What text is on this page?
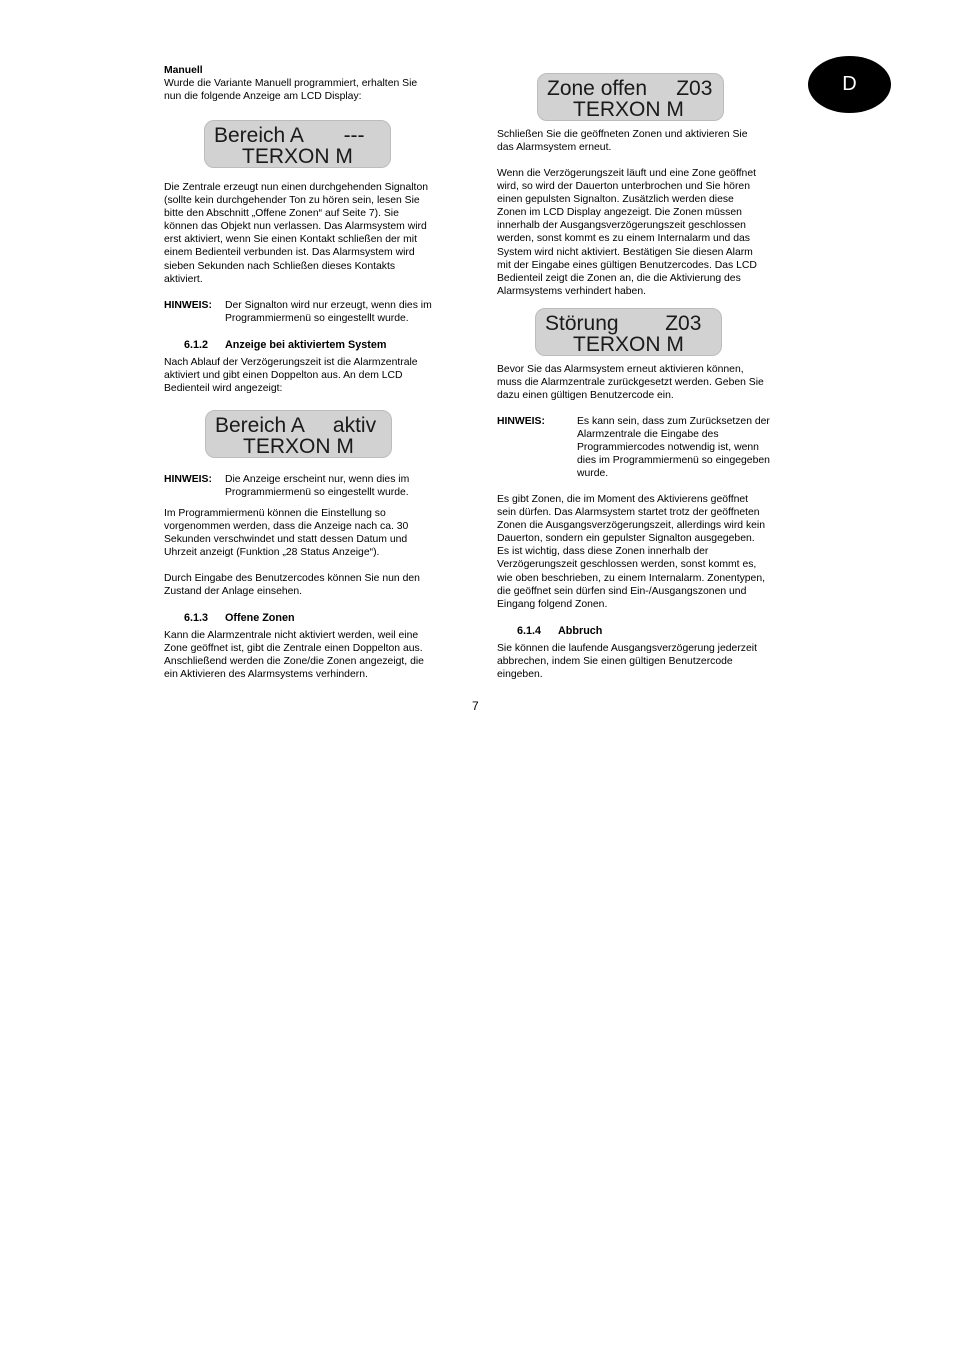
D
Manuell
Wurde die Variante Manuell programmiert, erhalten Sie
nun die folgende Anzeige am LCD Display:
Bereich A       ---
TERXON M
Die Zentrale erzeugt nun einen durchgehenden Signalton
(sollte kein durchgehender Ton zu hören sein, lesen Sie
bitte den Abschnitt „Offene Zonen“ auf Seite 7). Sie
können das Objekt nun verlassen. Das Alarmsystem wird
erst aktiviert, wenn Sie einen Kontakt schließen der mit
einem Bedienteil verbunden ist. Das Alarmsystem wird
sieben Sekunden nach Schließen dieses Kontakts
aktiviert.
HINWEIS: Der Signalton wird nur erzeugt, wenn dies im
Programmiermenü so eingestellt wurde.
6.1.2 Anzeige bei aktiviertem System
Nach Ablauf der Verzögerungszeit ist die Alarmzentrale
aktiviert und gibt einen Doppelton aus. An dem LCD
Bedienteil wird angezeigt:
Bereich A     aktiv
TERXON M
HINWEIS: Die Anzeige erscheint nur, wenn dies im
Programmiermenü so eingestellt wurde.
Im Programmiermenü können die Einstellung so
vorgenommen werden, dass die Anzeige nach ca. 30
Sekunden verschwindet und statt dessen Datum und
Uhrzeit anzeigt (Funktion „28 Status Anzeige“).
Durch Eingabe des Benutzercodes können Sie nun den
Zustand der Anlage einsehen.
6.1.3 Offene Zonen
Kann die Alarmzentrale nicht aktiviert werden, weil eine
Zone geöffnet ist, gibt die Zentrale einen Doppelton aus.
Anschließend werden die Zone/die Zonen angezeigt, die
ein Aktivieren des Alarmsystems verhindern.
Zone offen     Z03
TERXON M
Schließen Sie die geöffneten Zonen und aktivieren Sie
das Alarmsystem erneut.
Wenn die Verzögerungszeit läuft und eine Zone geöffnet
wird, so wird der Dauerton unterbrochen und Sie hören
einen gepulsten Signalton. Zusätzlich werden diese
Zonen im LCD Display angezeigt. Die Zonen müssen
innerhalb der Ausgangsverzögerungszeit geschlossen
werden, sonst kommt es zu einem Internalarm und das
System wird nicht aktiviert. Bestätigen Sie diesen Alarm
mit der Eingabe eines gültigen Benutzercodes. Das LCD
Bedienteil zeigt die Zonen an, die die Aktivierung des
Alarmsystems verhindert haben.
Störung        Z03
TERXON M
Bevor Sie das Alarmsystem erneut aktivieren können,
muss die Alarmzentrale zurückgesetzt werden. Geben Sie
dazu einen gültigen Benutzercode ein.
HINWEIS:	Es kann sein, dass zum Zurücksetzen der
Alarmzentrale die Eingabe des
Programmiercodes notwendig ist, wenn
dies im Programmiermenü so eingegeben
wurde.
Es gibt Zonen, die im Moment des Aktivierens geöffnet
sein dürfen. Das Alarmsystem startet trotz der geöffneten
Zonen die Ausgangsverzögerungszeit, allerdings wird kein
Dauerton, sondern ein gepulster Signalton ausgegeben.
Es ist wichtig, dass diese Zonen innerhalb der
Verzögerungszeit geschlossen werden, sonst kommt es,
wie oben beschrieben, zu einem Internalarm. Zonentypen,
die geöffnet sein dürfen sind Ein-/Ausgangszonen und
Eingang folgend Zonen.
6.1.4 Abbruch
Sie können die laufende Ausgangsverzögerung jederzeit
abbrechen, indem Sie einen gültigen Benutzercode
eingeben.
7
